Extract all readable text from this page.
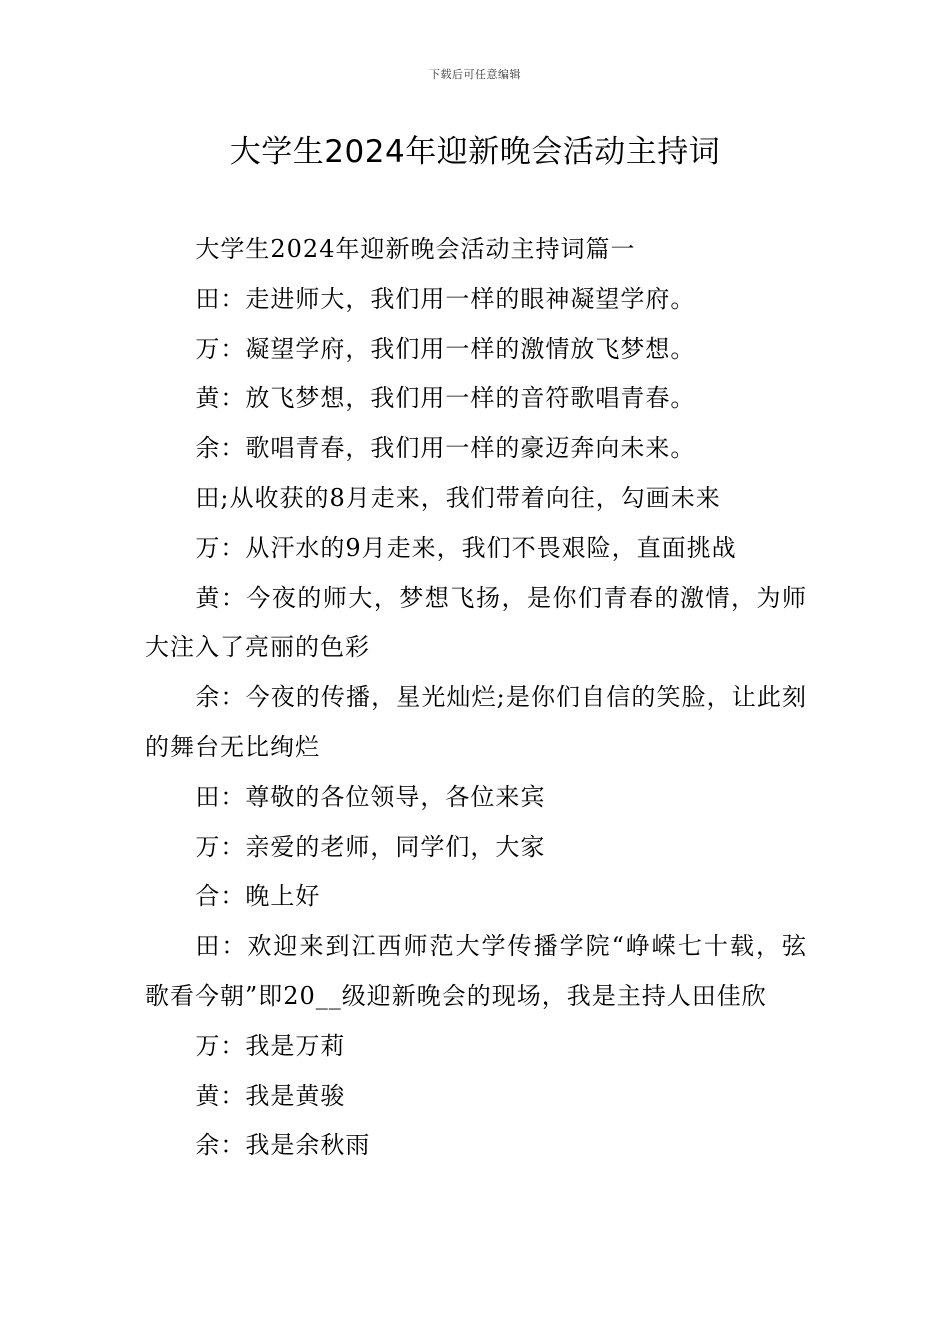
下载后可任意编辑
大学生2024年迎新晚会活动主持词

大学生2024年迎新晚会活动主持词篇一

田：走进师大，我们用一样的眼神凝望学府。

万：凝望学府，我们用一样的激情放飞梦想。

黄：放飞梦想，我们用一样的音符歌唱青春。

余：歌唱青春，我们用一样的豪迈奔向未来。

田;从收获的8月走来，我们带着向往，勾画未来

万：从汗水的9月走来，我们不畏艰险，直面挑战

黄：今夜的师大，梦想飞扬，是你们青春的激情，为师大注入了亮丽的色彩

余：今夜的传播，星光灿烂;是你们自信的笑脸，让此刻的舞台无比绚烂

田：尊敬的各位领导，各位来宾

万：亲爱的老师，同学们，大家

合：晚上好

田：欢迎来到江西师范大学传播学院“峥嵘七十载，弦歌看今朝”即20__级迎新晚会的现场，我是主持人田佳欣

万：我是万莉

黄：我是黄骏

余：我是余秋雨
